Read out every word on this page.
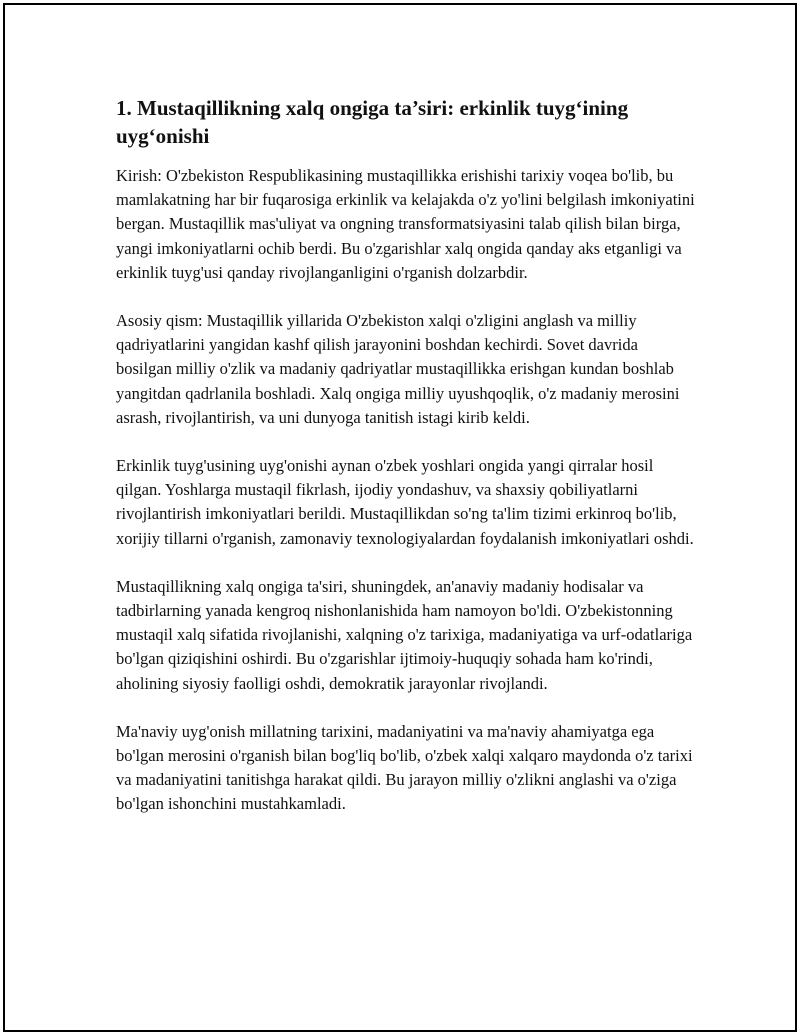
1. Mustaqillikning xalq ongiga ta’siri: erkinlik tuyg‘ining uyg‘onishi

Kirish: O'zbekiston Respublikasining mustaqillikka erishishi tarixiy voqea bo'lib, bu mamlakatning har bir fuqarosiga erkinlik va kelajakda o'z yo'lini belgilash imkoniyatini bergan. Mustaqillik mas'uliyat va ongning transformatsiyasini talab qilish bilan birga, yangi imkoniyatlarni ochib berdi. Bu o'zgarishlar xalq ongida qanday aks etganligi va erkinlik tuyg'usi qanday rivojlanganligini o'rganish dolzarbdir.

Asosiy qism: Mustaqillik yillarida O'zbekiston xalqi o'zligini anglash va milliy qadriyatlarini yangidan kashf qilish jarayonini boshdan kechirdi. Sovet davrida bosilgan milliy o'zlik va madaniy qadriyatlar mustaqillikka erishgan kundan boshlab yangitdan qadrlanila boshladi. Xalq ongiga milliy uyushqoqlik, o'z madaniy merosini asrash, rivojlantirish, va uni dunyoga tanitish istagi kirib keldi.

Erkinlik tuyg'usining uyg'onishi aynan o'zbek yoshlari ongida yangi qirralar hosil qilgan. Yoshlarga mustaqil fikrlash, ijodiy yondashuv, va shaxsiy qobiliyatlarni rivojlantirish imkoniyatlari berildi. Mustaqillikdan so'ng ta'lim tizimi erkinroq bo'lib, xorijiy tillarni o'rganish, zamonaviy texnologiyalardan foydalanish imkoniyatlari oshdi.

Mustaqillikning xalq ongiga ta'siri, shuningdek, an'anaviy madaniy hodisalar va tadbirlarning yanada kengroq nishonlanishida ham namoyon bo'ldi. O'zbekistonning mustaqil xalq sifatida rivojlanishi, xalqning o'z tarixiga, madaniyatiga va urf-odatlariga bo'lgan qiziqishini oshirdi. Bu o'zgarishlar ijtimoiy-huquqiy sohada ham ko'rindi, aholining siyosiy faolligi oshdi, demokratik jarayonlar rivojlandi.

Ma'naviy uyg'onish millatning tarixini, madaniyatini va ma'naviy ahamiyatga ega bo'lgan merosini o'rganish bilan bog'liq bo'lib, o'zbek xalqi xalqaro maydonda o'z tarixi va madaniyatini tanitishga harakat qildi. Bu jarayon milliy o'zlikni anglashi va o'ziga bo'lgan ishonchini mustahkamladi.
